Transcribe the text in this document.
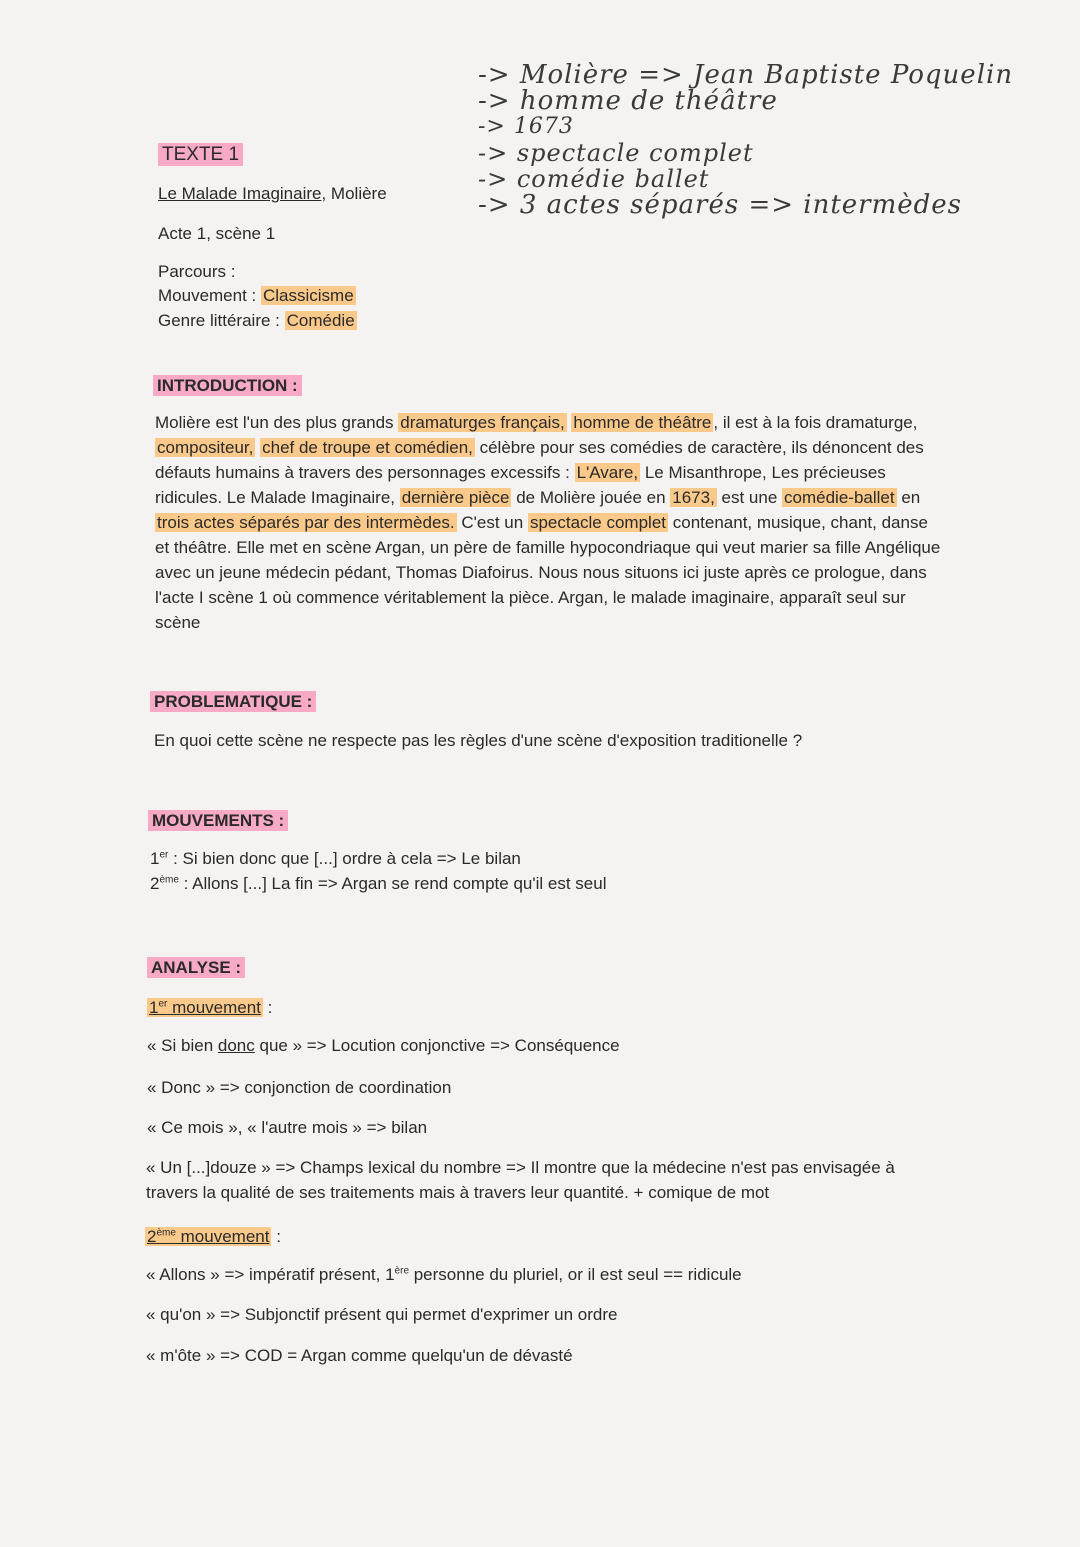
-> Molière => Jean Baptiste Poquelin
-> homme de théâtre
-> 1673
-> spectacle complet
-> comédie ballet
-> 3 actes séparés => intermèdes
TEXTE 1
Le Malade Imaginaire, Molière
Acte 1, scène 1
Parcours :
Mouvement : Classicisme
Genre littéraire : Comédie
INTRODUCTION :
Molière est l'un des plus grands dramaturges français, homme de théâtre , il est à la fois dramaturge, compositeur, chef de troupe et comédien, célèbre pour ses comédies de caractère, ils dénoncent des défauts humains à travers des personnages excessifs : L'Avare, Le Misanthrope, Les précieuses ridicules. Le Malade Imaginaire, dernière pièce de Molière jouée en 1673, est une comédie-ballet en trois actes séparés par des intermèdes. C'est un spectacle complet contenant, musique, chant, danse et théâtre. Elle met en scène Argan, un père de famille hypocondriaque qui veut marier sa fille Angélique avec un jeune médecin pédant, Thomas Diafoirus. Nous nous situons ici juste après ce prologue, dans l'acte I scène 1 où commence véritablement la pièce. Argan, le malade imaginaire, apparaît seul sur scène
PROBLEMATIQUE :
En quoi cette scène ne respecte pas les règles d'une scène d'exposition traditionelle ?
MOUVEMENTS :
1er : Si bien donc que [...] ordre à cela => Le bilan
2ème : Allons [...] La fin => Argan se rend compte qu'il est seul
ANALYSE :
1er mouvement :
« Si bien donc que » => Locution conjonctive => Conséquence
« Donc » => conjonction de coordination
« Ce mois », « l'autre mois » => bilan
« Un [...]douze » => Champs lexical du nombre => Il montre que la médecine n'est pas envisagée à travers la qualité de ses traitements mais à travers leur quantité. + comique de mot
2ème mouvement :
« Allons » => impératif présent, 1ère personne du pluriel, or il est seul == ridicule
« qu'on » => Subjonctif présent qui permet d'exprimer un ordre
« m'ôte » => COD = Argan comme quelqu'un de dévasté
